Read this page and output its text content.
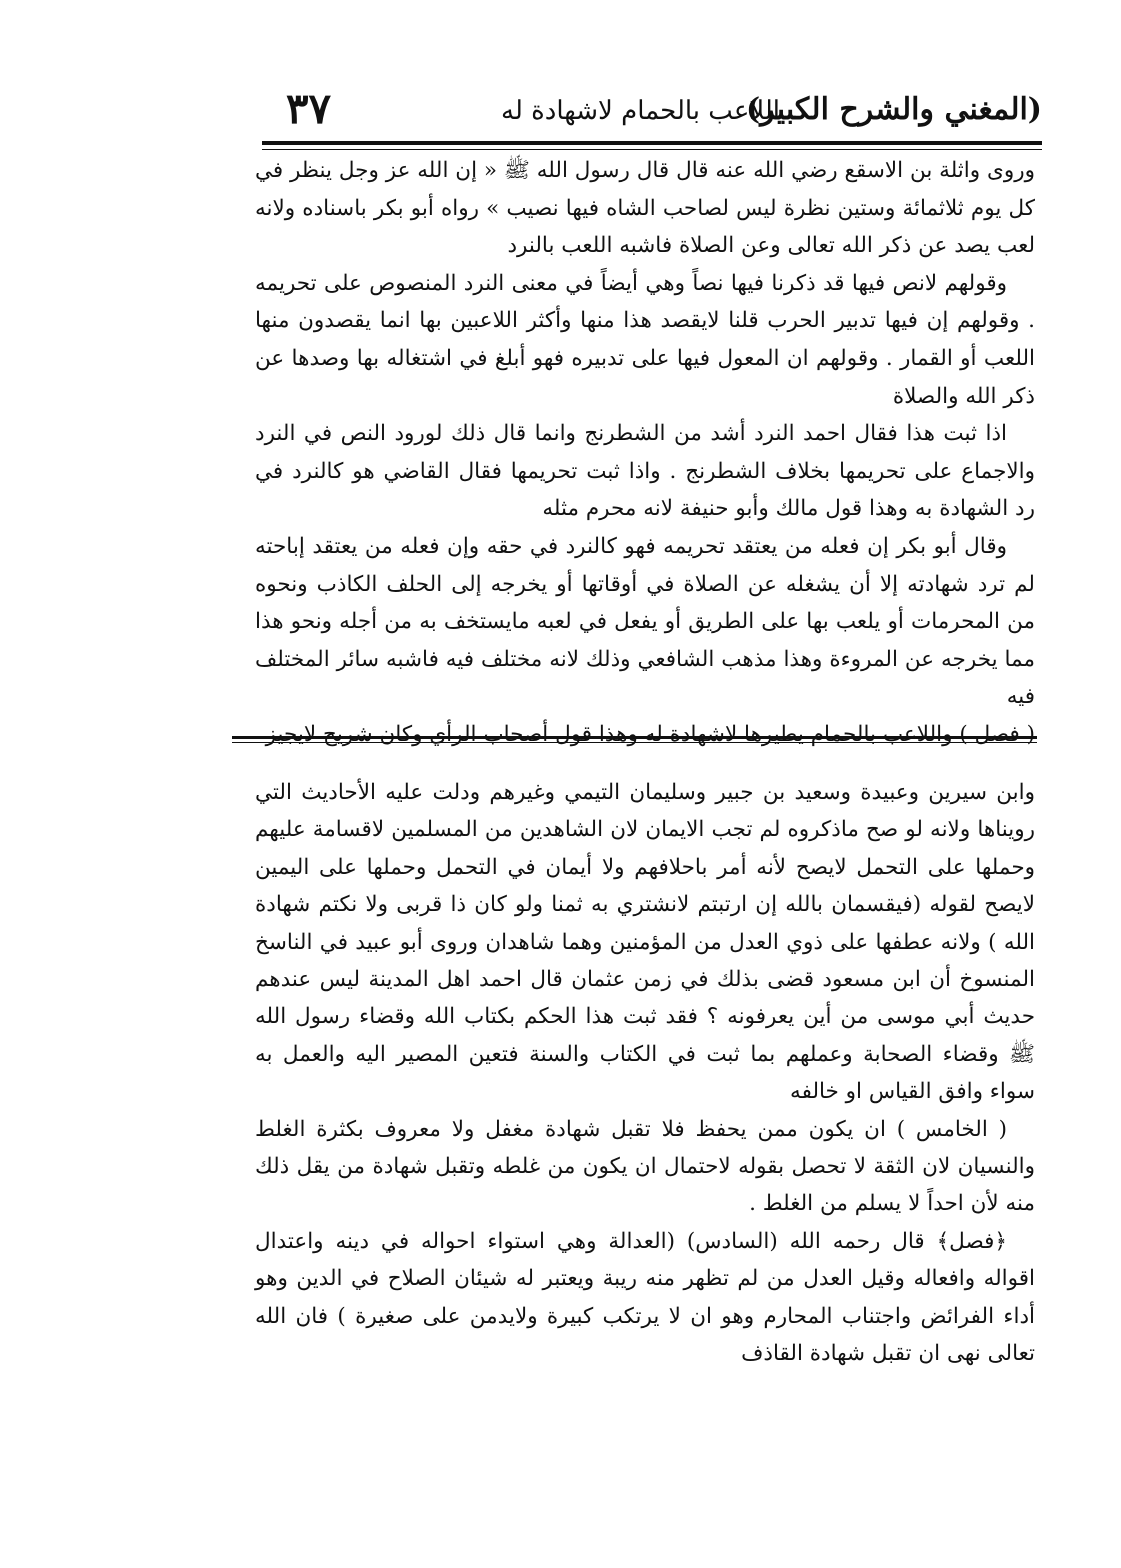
(المغني والشرح الكبير)
اللاعب بالحمام لاشهادة له
٣٧

وروى واثلة بن الاسقع رضي الله عنه قال قال رسول الله ﷺ « إن الله عز وجل ينظر في كل يوم ثلاثمائة وستين نظرة ليس لصاحب الشاه فيها نصيب » رواه أبو بكر باسناده ولانه لعب يصد عن ذكر الله تعالى وعن الصلاة فاشبه اللعب بالنرد

وقولهم لانص فيها قد ذكرنا فيها نصاً وهي أيضاً في معنى النرد المنصوص على تحريمه . وقولهم إن فيها تدبير الحرب قلنا لايقصد هذا منها وأكثر اللاعبين بها انما يقصدون منها اللعب أو القمار . وقولهم ان المعول فيها على تدبيره فهو أبلغ في اشتغاله بها وصدها عن ذكر الله والصلاة

اذا ثبت هذا فقال احمد النرد أشد من الشطرنج وانما قال ذلك لورود النص في النرد والاجماع على تحريمها بخلاف الشطرنج . واذا ثبت تحريمها فقال القاضي هو كالنرد في رد الشهادة به وهذا قول مالك وأبو حنيفة لانه محرم مثله

وقال أبو بكر إن فعله من يعتقد تحريمه فهو كالنرد في حقه وإن فعله من يعتقد إباحته لم ترد شهادته إلا أن يشغله عن الصلاة في أوقاتها أو يخرجه إلى الحلف الكاذب ونحوه من المحرمات أو يلعب بها على الطريق أو يفعل في لعبه مايستخف به من أجله ونحو هذا مما يخرجه عن المروءة وهذا مذهب الشافعي وذلك لانه مختلف فيه فاشبه سائر المختلف فيه

( فصل ) واللاعب بالحمام يطيرها لاشهادة له وهذا قول أصحاب الرأي وكان شريح لايجيز

وابن سيرين وعبيدة وسعيد بن جبير وسليمان التيمي وغيرهم ودلت عليه الأحاديث التي رويناها ولانه لو صح ماذكروه لم تجب الايمان لان الشاهدين من المسلمين لاقسامة عليهم وحملها على التحمل لايصح لأنه أمر باحلافهم ولا أيمان في التحمل وحملها على اليمين لايصح لقوله (فيقسمان بالله إن ارتبتم لانشتري به ثمنا ولو كان ذا قربى ولا نكتم شهادة الله ) ولانه عطفها على ذوي العدل من المؤمنين وهما شاهدان وروى أبو عبيد في الناسخ المنسوخ أن ابن مسعود قضى بذلك في زمن عثمان قال احمد اهل المدينة ليس عندهم حديث أبي موسى من أين يعرفونه ؟ فقد ثبت هذا الحكم بكتاب الله وقضاء رسول الله ﷺ وقضاء الصحابة وعملهم بما ثبت في الكتاب والسنة فتعين المصير اليه والعمل به سواء وافق القياس او خالفه

( الخامس ) ان يكون ممن يحفظ فلا تقبل شهادة مغفل ولا معروف بكثرة الغلط والنسيان لان الثقة لا تحصل بقوله لاحتمال ان يكون من غلطه وتقبل شهادة من يقل ذلك منه لأن احداً لا يسلم من الغلط .

﴿فصل﴾ قال رحمه الله (السادس) (العدالة وهي استواء احواله في دينه واعتدال اقواله وافعاله وقيل العدل من لم تظهر منه ريبة ويعتبر له شيئان الصلاح في الدين وهو أداء الفرائض واجتناب المحارم وهو ان لا يرتكب كبيرة ولايدمن على صغيرة ) فان الله تعالى نهى ان تقبل شهادة القاذف
